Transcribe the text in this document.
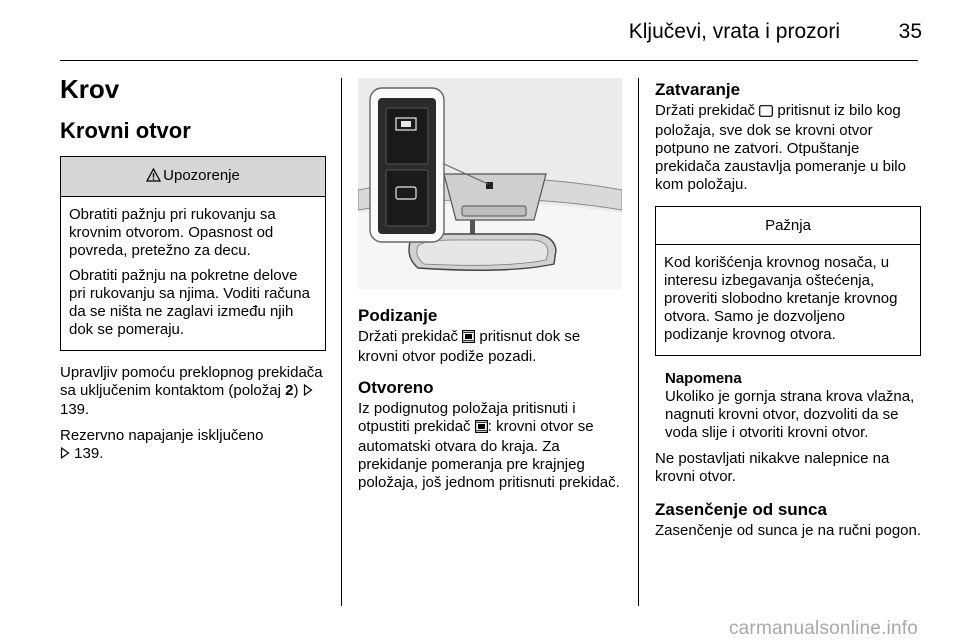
Ključevi, vrata i prozori	35
Krov
Krovni otvor
Upozorenje

Obratiti pažnju pri rukovanju sa krovnim otvorom. Opasnost od povreda, pretežno za decu.

Obratiti pažnju na pokretne delove pri rukovanju sa njima. Voditi računa da se ništa ne zaglavi između njih dok se pomeraju.

Upravljiv pomoću preklopnog prekidača sa uključenim kontaktom (položaj 2)  139.

Rezervno napajanje isključeno
139.

Podizanje

Držati prekidač  pritisnut dok se krovni otvor podiže pozadi.

Otvoreno

Iz podignutog položaja pritisnuti i otpustiti prekidač : krovni otvor se automatski otvara do kraja. Za prekidanje pomeranja pre krajnjeg položaja, još jednom pritisnuti prekidač.

Zatvaranje

Držati prekidač  pritisnut iz bilo kog položaja, sve dok se krovni otvor potpuno ne zatvori. Otpuštanje prekidača zaustavlja pomeranje u bilo kom položaju.

Pažnja

Kod korišćenja krovnog nosača, u interesu izbegavanja oštećenja, proveriti slobodno kretanje krovnog otvora. Samo je dozvoljeno podizanje krovnog otvora.

Napomena

Ukoliko je gornja strana krova vlažna, nagnuti krovni otvor, dozvoliti da se voda slije i otvoriti krovni otvor.

Ne postavljati nikakve nalepnice na krovni otvor.

Zasenčenje od sunca

Zasenčenje od sunca je na ručni pogon.

carmanualsonline.info
